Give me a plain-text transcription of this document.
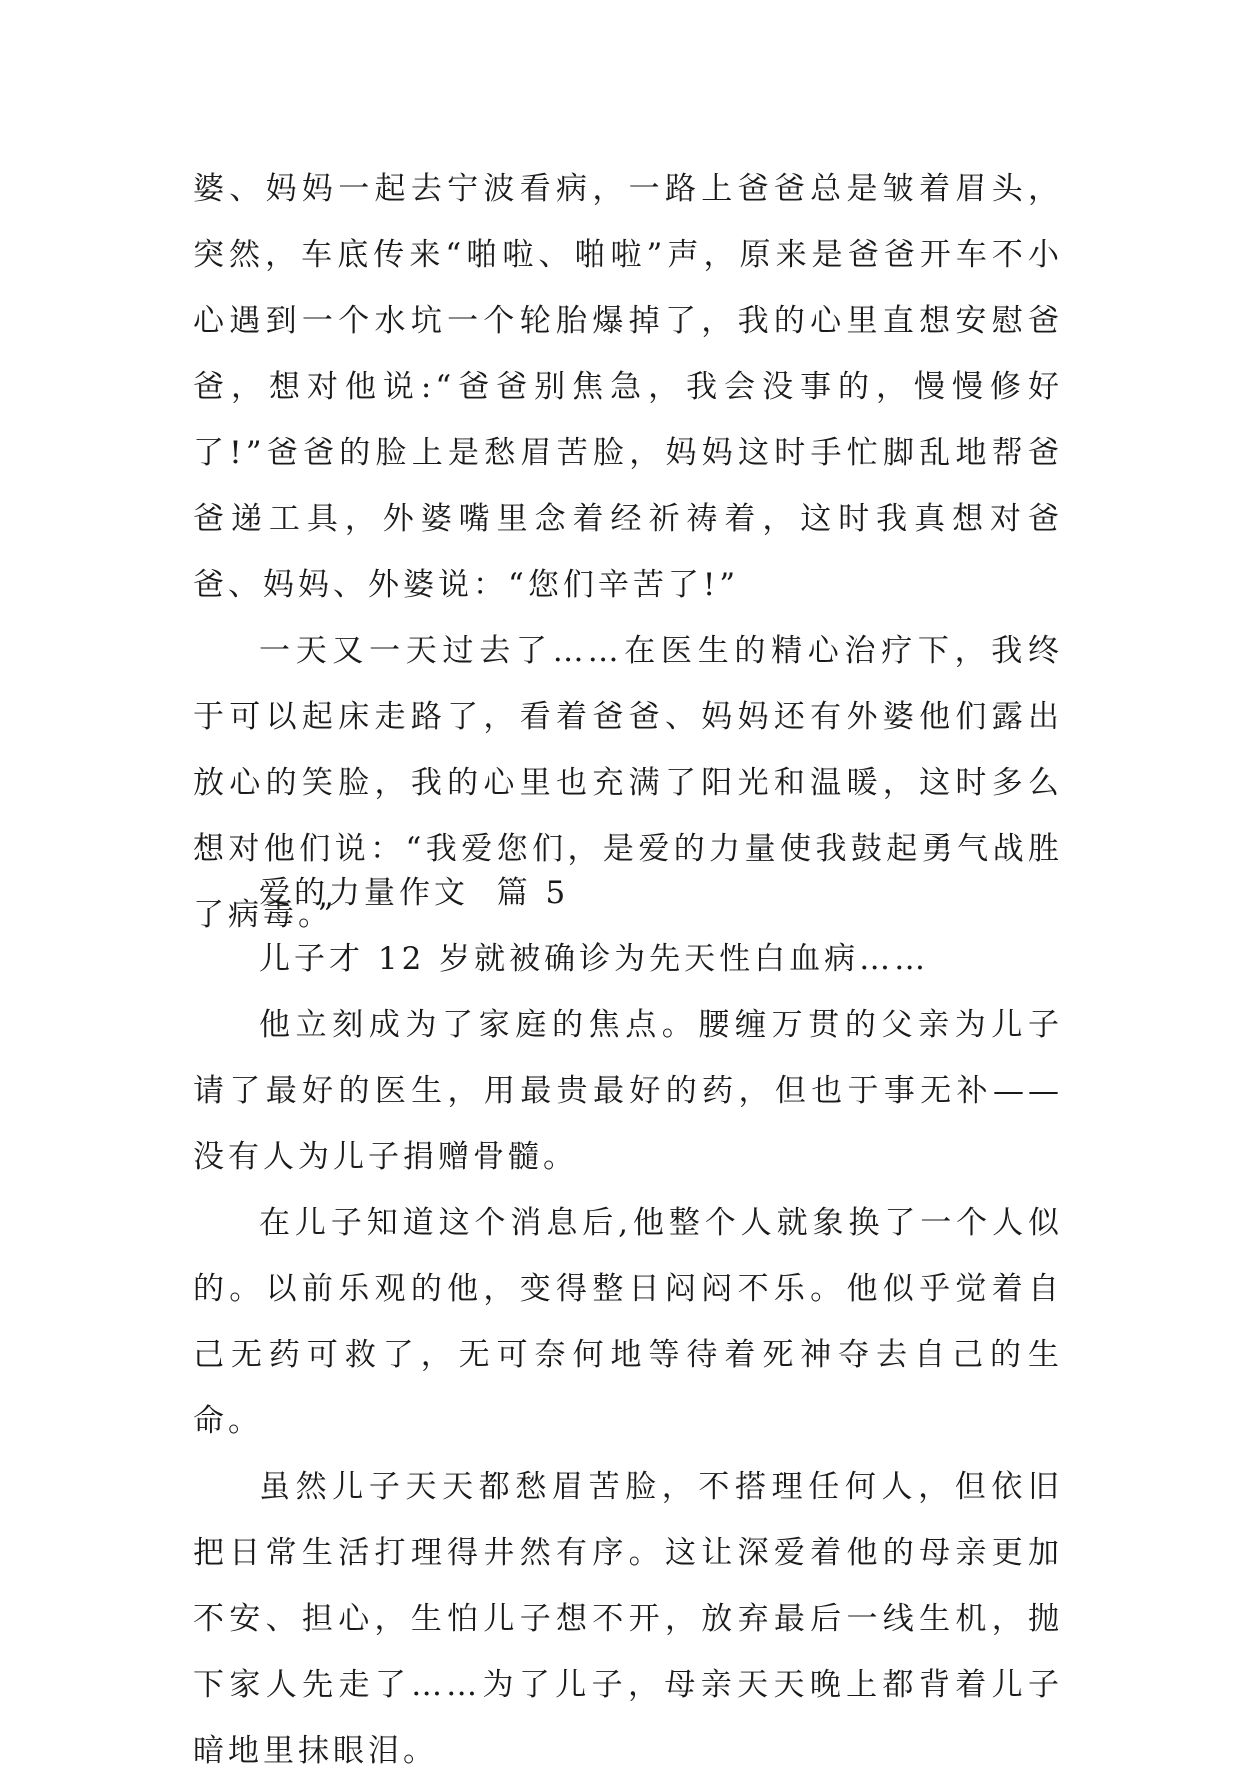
婆、妈妈一起去宁波看病，一路上爸爸总是皱着眉头，突然，车底传来“啪啦、啪啦”声，原来是爸爸开车不小心遇到一个水坑一个轮胎爆掉了，我的心里直想安慰爸爸，想对他说:“爸爸别焦急，我会没事的，慢慢修好了!”爸爸的脸上是愁眉苦脸，妈妈这时手忙脚乱地帮爸爸递工具，外婆嘴里念着经祈祷着，这时我真想对爸爸、妈妈、外婆说：“您们辛苦了!”

一天又一天过去了……在医生的精心治疗下，我终于可以起床走路了，看着爸爸、妈妈还有外婆他们露出放心的笑脸，我的心里也充满了阳光和温暖，这时多么想对他们说：“我爱您们，是爱的力量使我鼓起勇气战胜了病毒。”

爱的力量作文  篇 5

儿子才 12 岁就被确诊为先天性白血病……

他立刻成为了家庭的焦点。腰缠万贯的父亲为儿子请了最好的医生，用最贵最好的药，但也于事无补——没有人为儿子捐赠骨髓。

在儿子知道这个消息后,他整个人就象换了一个人似的。以前乐观的他，变得整日闷闷不乐。他似乎觉着自己无药可救了，无可奈何地等待着死神夺去自己的生命。

虽然儿子天天都愁眉苦脸，不搭理任何人，但依旧把日常生活打理得井然有序。这让深爱着他的母亲更加不安、担心，生怕儿子想不开，放弃最后一线生机，抛下家人先走了……为了儿子，母亲天天晚上都背着儿子暗地里抹眼泪。
